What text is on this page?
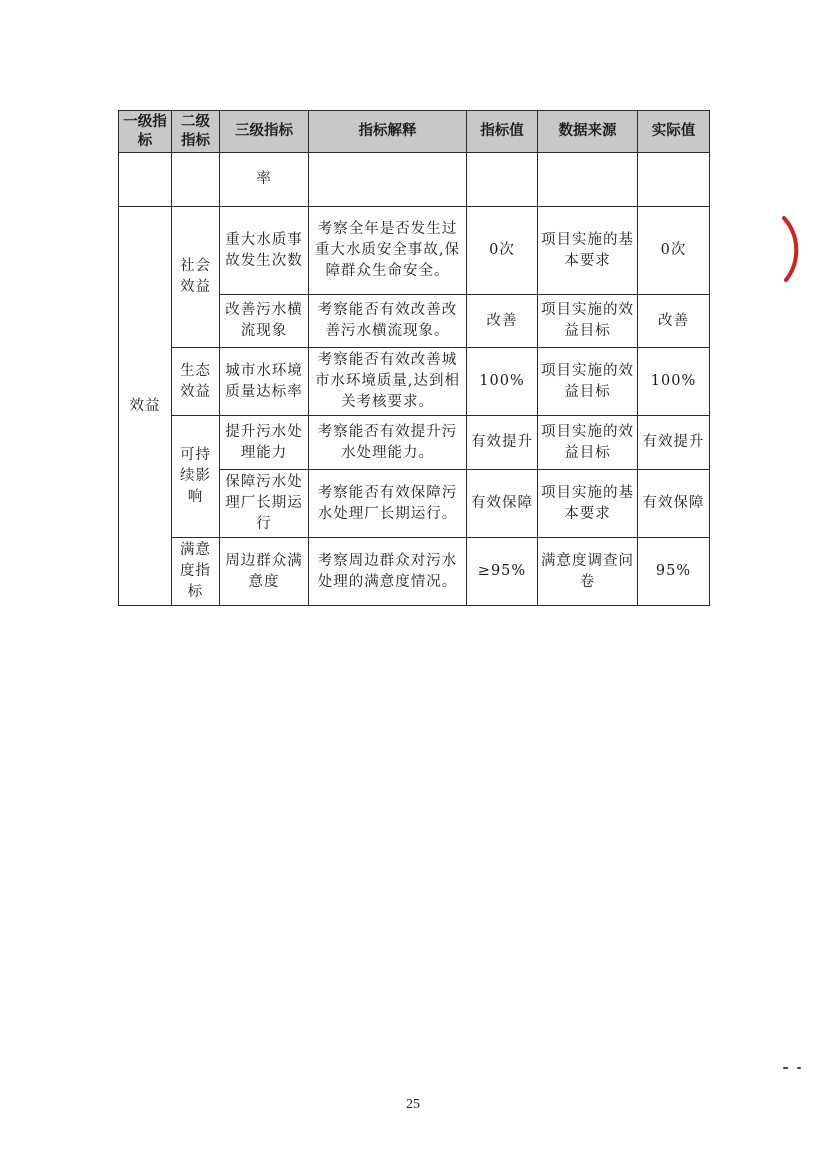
一级指标	二级指标	三级指标	指标解释	指标值	数据来源	实际值
		率				
效益	社会效益	重大水质事故发生次数	考察全年是否发生过重大水质安全事故,保障群众生命安全。	0次	项目实施的基本要求	0次
		改善污水横流现象	考察能否有效改善改善污水横流现象。	改善	项目实施的效益目标	改善
	生态效益	城市水环境质量达标率	考察能否有效改善城市水环境质量,达到相关考核要求。	100%	项目实施的效益目标	100%
	可持续影响	提升污水处理能力	考察能否有效提升污水处理能力。	有效提升	项目实施的效益目标	有效提升
		保障污水处理厂长期运行	考察能否有效保障污水处理厂长期运行。	有效保障	项目实施的基本要求	有效保障
	满意度指标	周边群众满意度	考察周边群众对污水处理的满意度情况。	≥95%	满意度调查问卷	95%
25
